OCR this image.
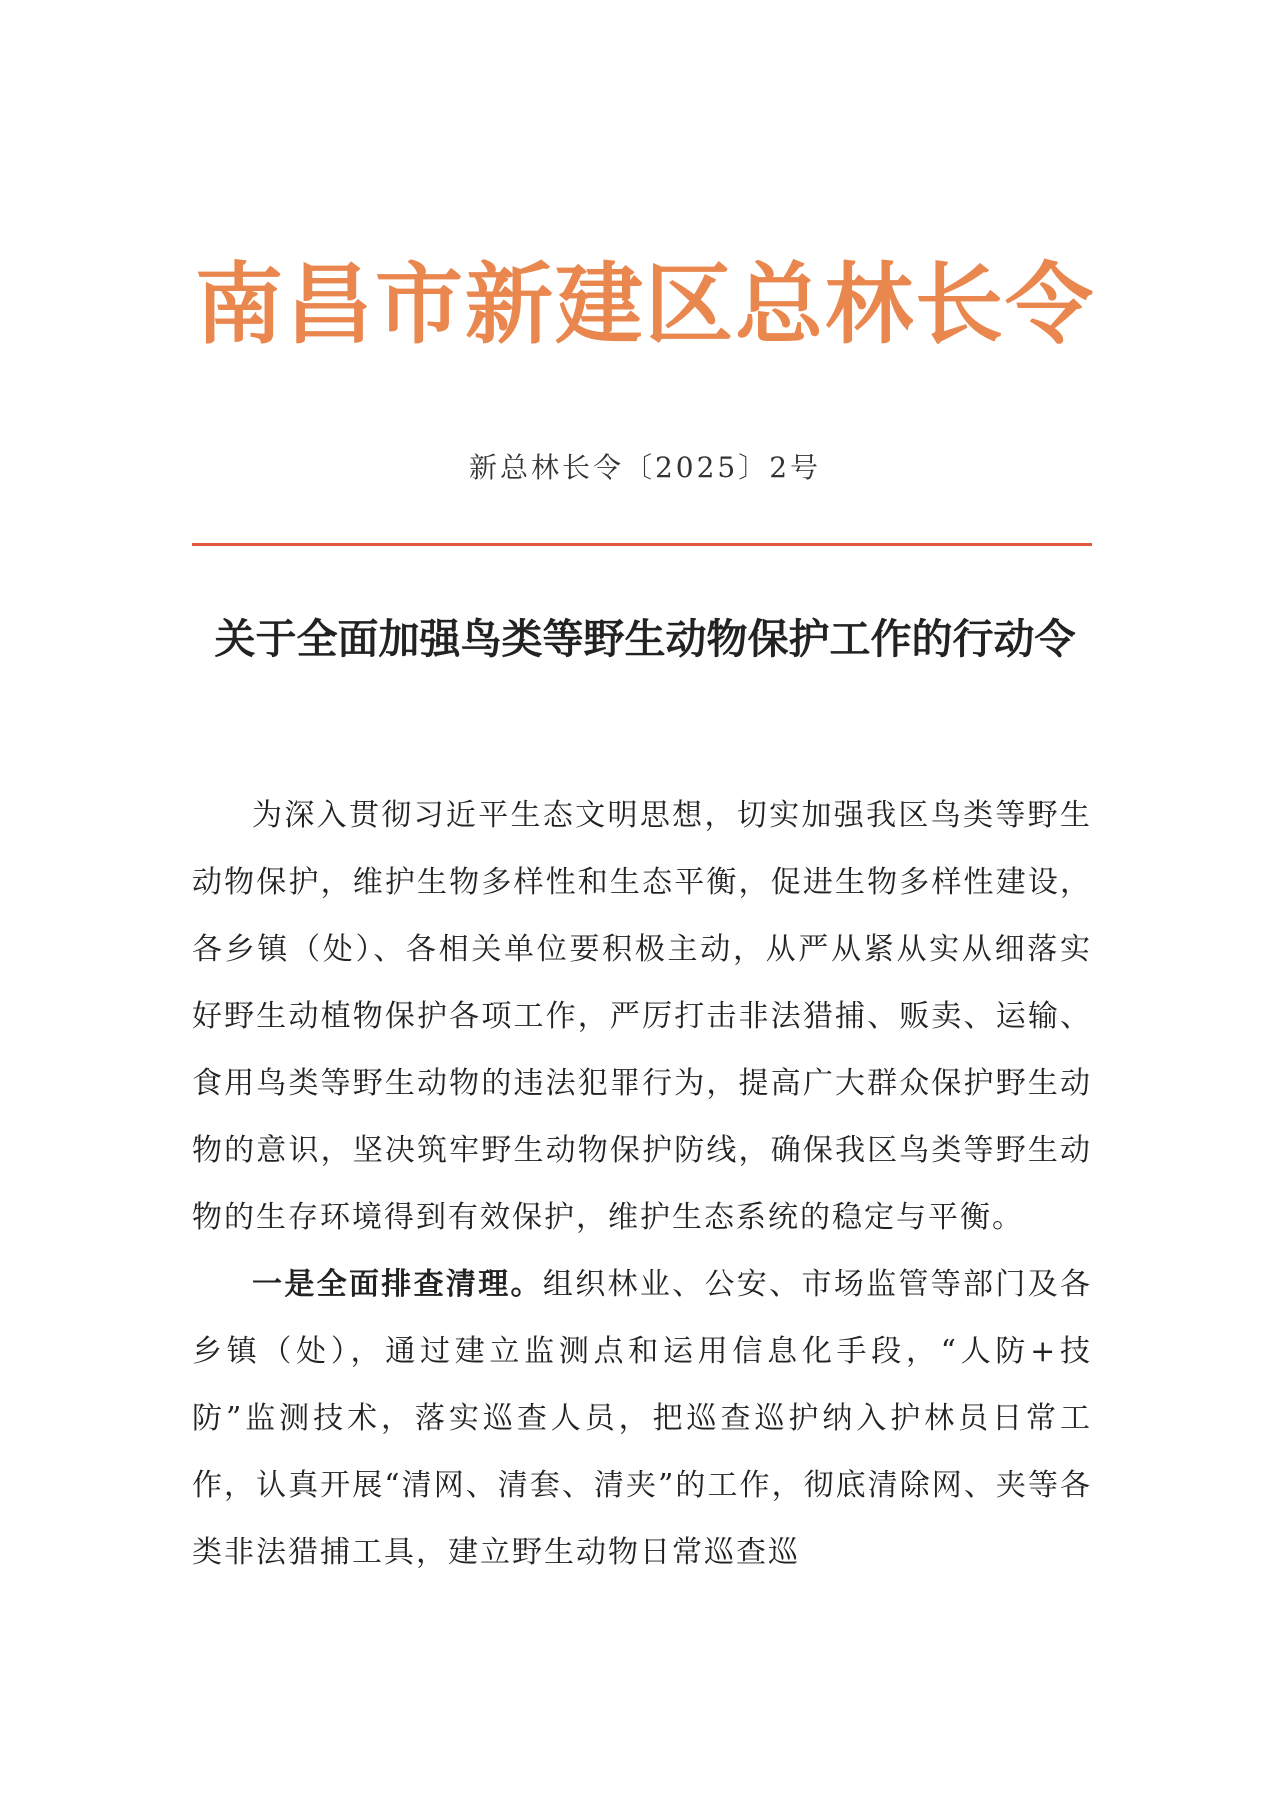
南昌市新建区总林长令
新总林长令〔2025〕2号
关于全面加强鸟类等野生动物保护工作的行动令

为深入贯彻习近平生态文明思想，切实加强我区鸟类等野生动物保护，维护生物多样性和生态平衡，促进生物多样性建设，各乡镇（处）、各相关单位要积极主动，从严从紧从实从细落实好野生动植物保护各项工作，严厉打击非法猎捕、贩卖、运输、食用鸟类等野生动物的违法犯罪行为，提高广大群众保护野生动物的意识，坚决筑牢野生动物保护防线，确保我区鸟类等野生动物的生存环境得到有效保护，维护生态系统的稳定与平衡。

一是全面排查清理。组织林业、公安、市场监管等部门及各乡镇（处），通过建立监测点和运用信息化手段，“人防+技防”监测技术，落实巡查人员，把巡查巡护纳入护林员日常工作，认真开展“清网、清套、清夹”的工作，彻底清除网、夹等各类非法猎捕工具，建立野生动物日常巡查巡
